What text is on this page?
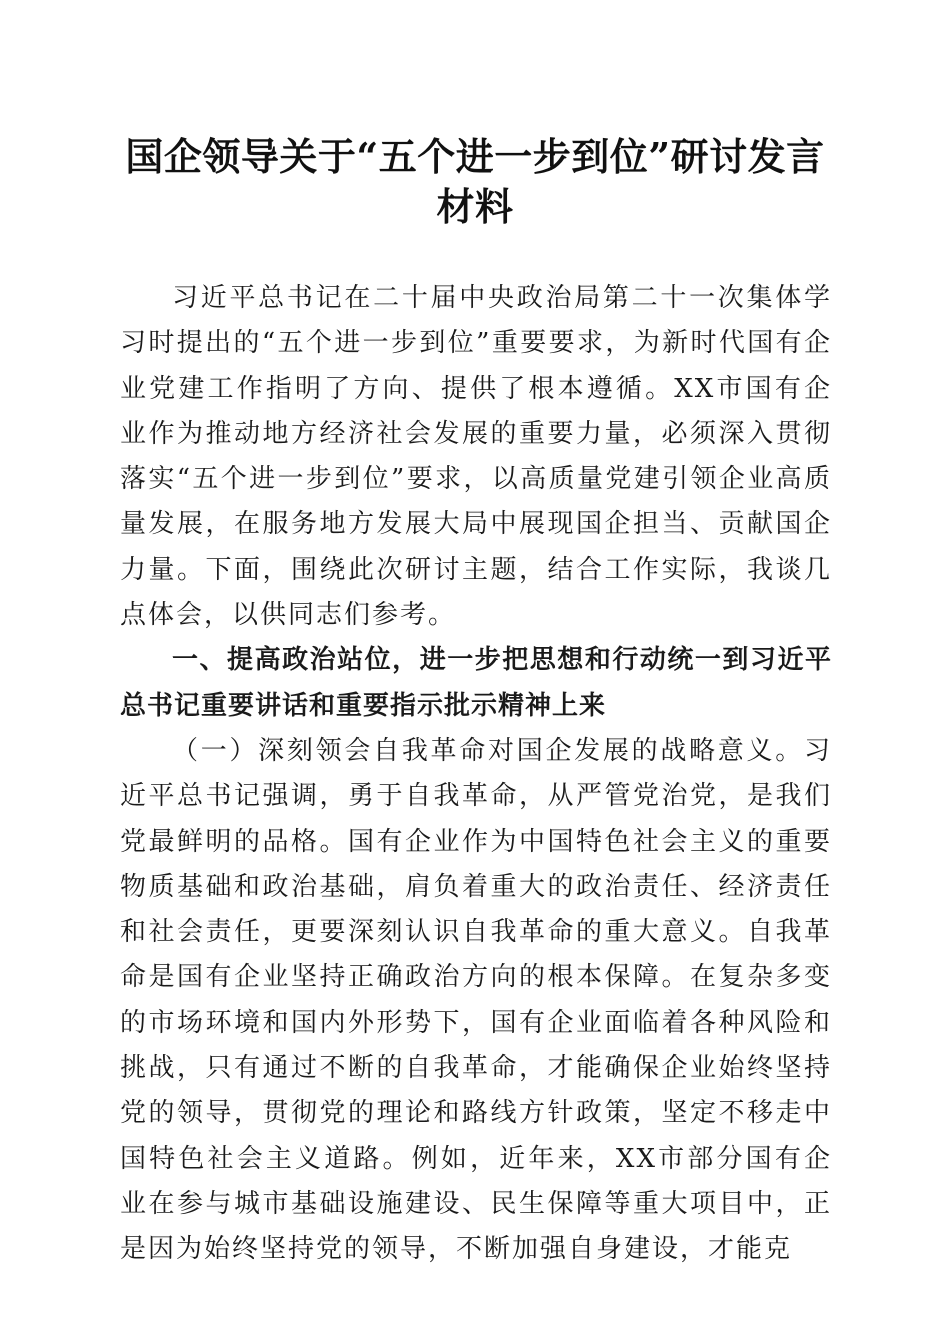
国企领导关于“五个进一步到位”研讨发言材料

习近平总书记在二十届中央政治局第二十一次集体学习时提出的“五个进一步到位”重要要求，为新时代国有企业党建工作指明了方向、提供了根本遵循。XX市国有企业作为推动地方经济社会发展的重要力量，必须深入贯彻落实“五个进一步到位”要求，以高质量党建引领企业高质量发展，在服务地方发展大局中展现国企担当、贡献国企力量。下面，围绕此次研讨主题，结合工作实际，我谈几点体会，以供同志们参考。

一、提高政治站位，进一步把思想和行动统一到习近平总书记重要讲话和重要指示批示精神上来

（一）深刻领会自我革命对国企发展的战略意义。习近平总书记强调，勇于自我革命，从严管党治党，是我们党最鲜明的品格。国有企业作为中国特色社会主义的重要物质基础和政治基础，肩负着重大的政治责任、经济责任和社会责任，更要深刻认识自我革命的重大意义。自我革命是国有企业坚持正确政治方向的根本保障。在复杂多变的市场环境和国内外形势下，国有企业面临着各种风险和挑战，只有通过不断的自我革命，才能确保企业始终坚持党的领导，贯彻党的理论和路线方针政策，坚定不移走中国特色社会主义道路。例如，近年来，XX市部分国有企业在参与城市基础设施建设、民生保障等重大项目中，正是因为始终坚持党的领导，不断加强自身建设，才能克
